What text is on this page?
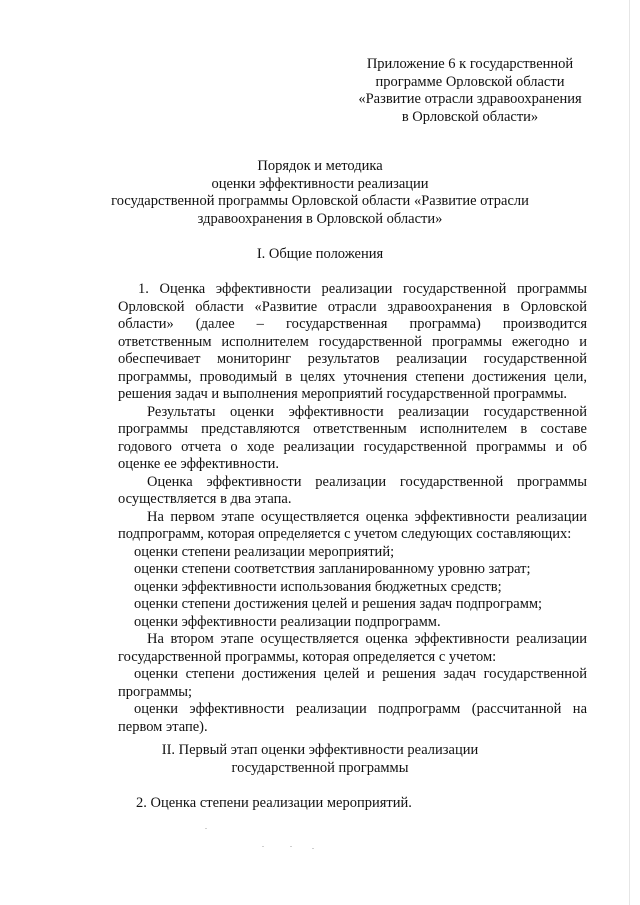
Приложение 6 к государственной
программе Орловской области
«Развитие отрасли здравоохранения
в Орловской области»
Порядок и методика
оценки эффективности реализации
государственной программы Орловской области «Развитие отрасли
здравоохранения в Орловской области»
I. Общие положения

1. Оценка эффективности реализации государственной программы Орловской области «Развитие отрасли здравоохранения в Орловской области» (далее – государственная программа) производится ответственным исполнителем государственной программы ежегодно и обеспечивает мониторинг результатов реализации государственной программы, проводимый в целях уточнения степени достижения цели, решения задач и выполнения мероприятий государственной программы.

Результаты оценки эффективности реализации государственной программы представляются ответственным исполнителем в составе годового отчета о ходе реализации государственной программы и об оценке ее эффективности.

Оценка эффективности реализации государственной программы осуществляется в два этапа.

На первом этапе осуществляется оценка эффективности реализации подпрограмм, которая определяется с учетом следующих составляющих:

оценки степени реализации мероприятий;

оценки степени соответствия запланированному уровню затрат;

оценки эффективности использования бюджетных средств;

оценки степени достижения целей и решения задач подпрограмм;

оценки эффективности реализации подпрограмм.

На втором этапе осуществляется оценка эффективности реализации государственной программы, которая определяется с учетом:

оценки степени достижения целей и решения задач государственной программы;

оценки эффективности реализации подпрограмм (рассчитанной на первом этапе).

II. Первый этап оценки эффективности реализации
государственной программы
2. Оценка степени реализации мероприятий.
